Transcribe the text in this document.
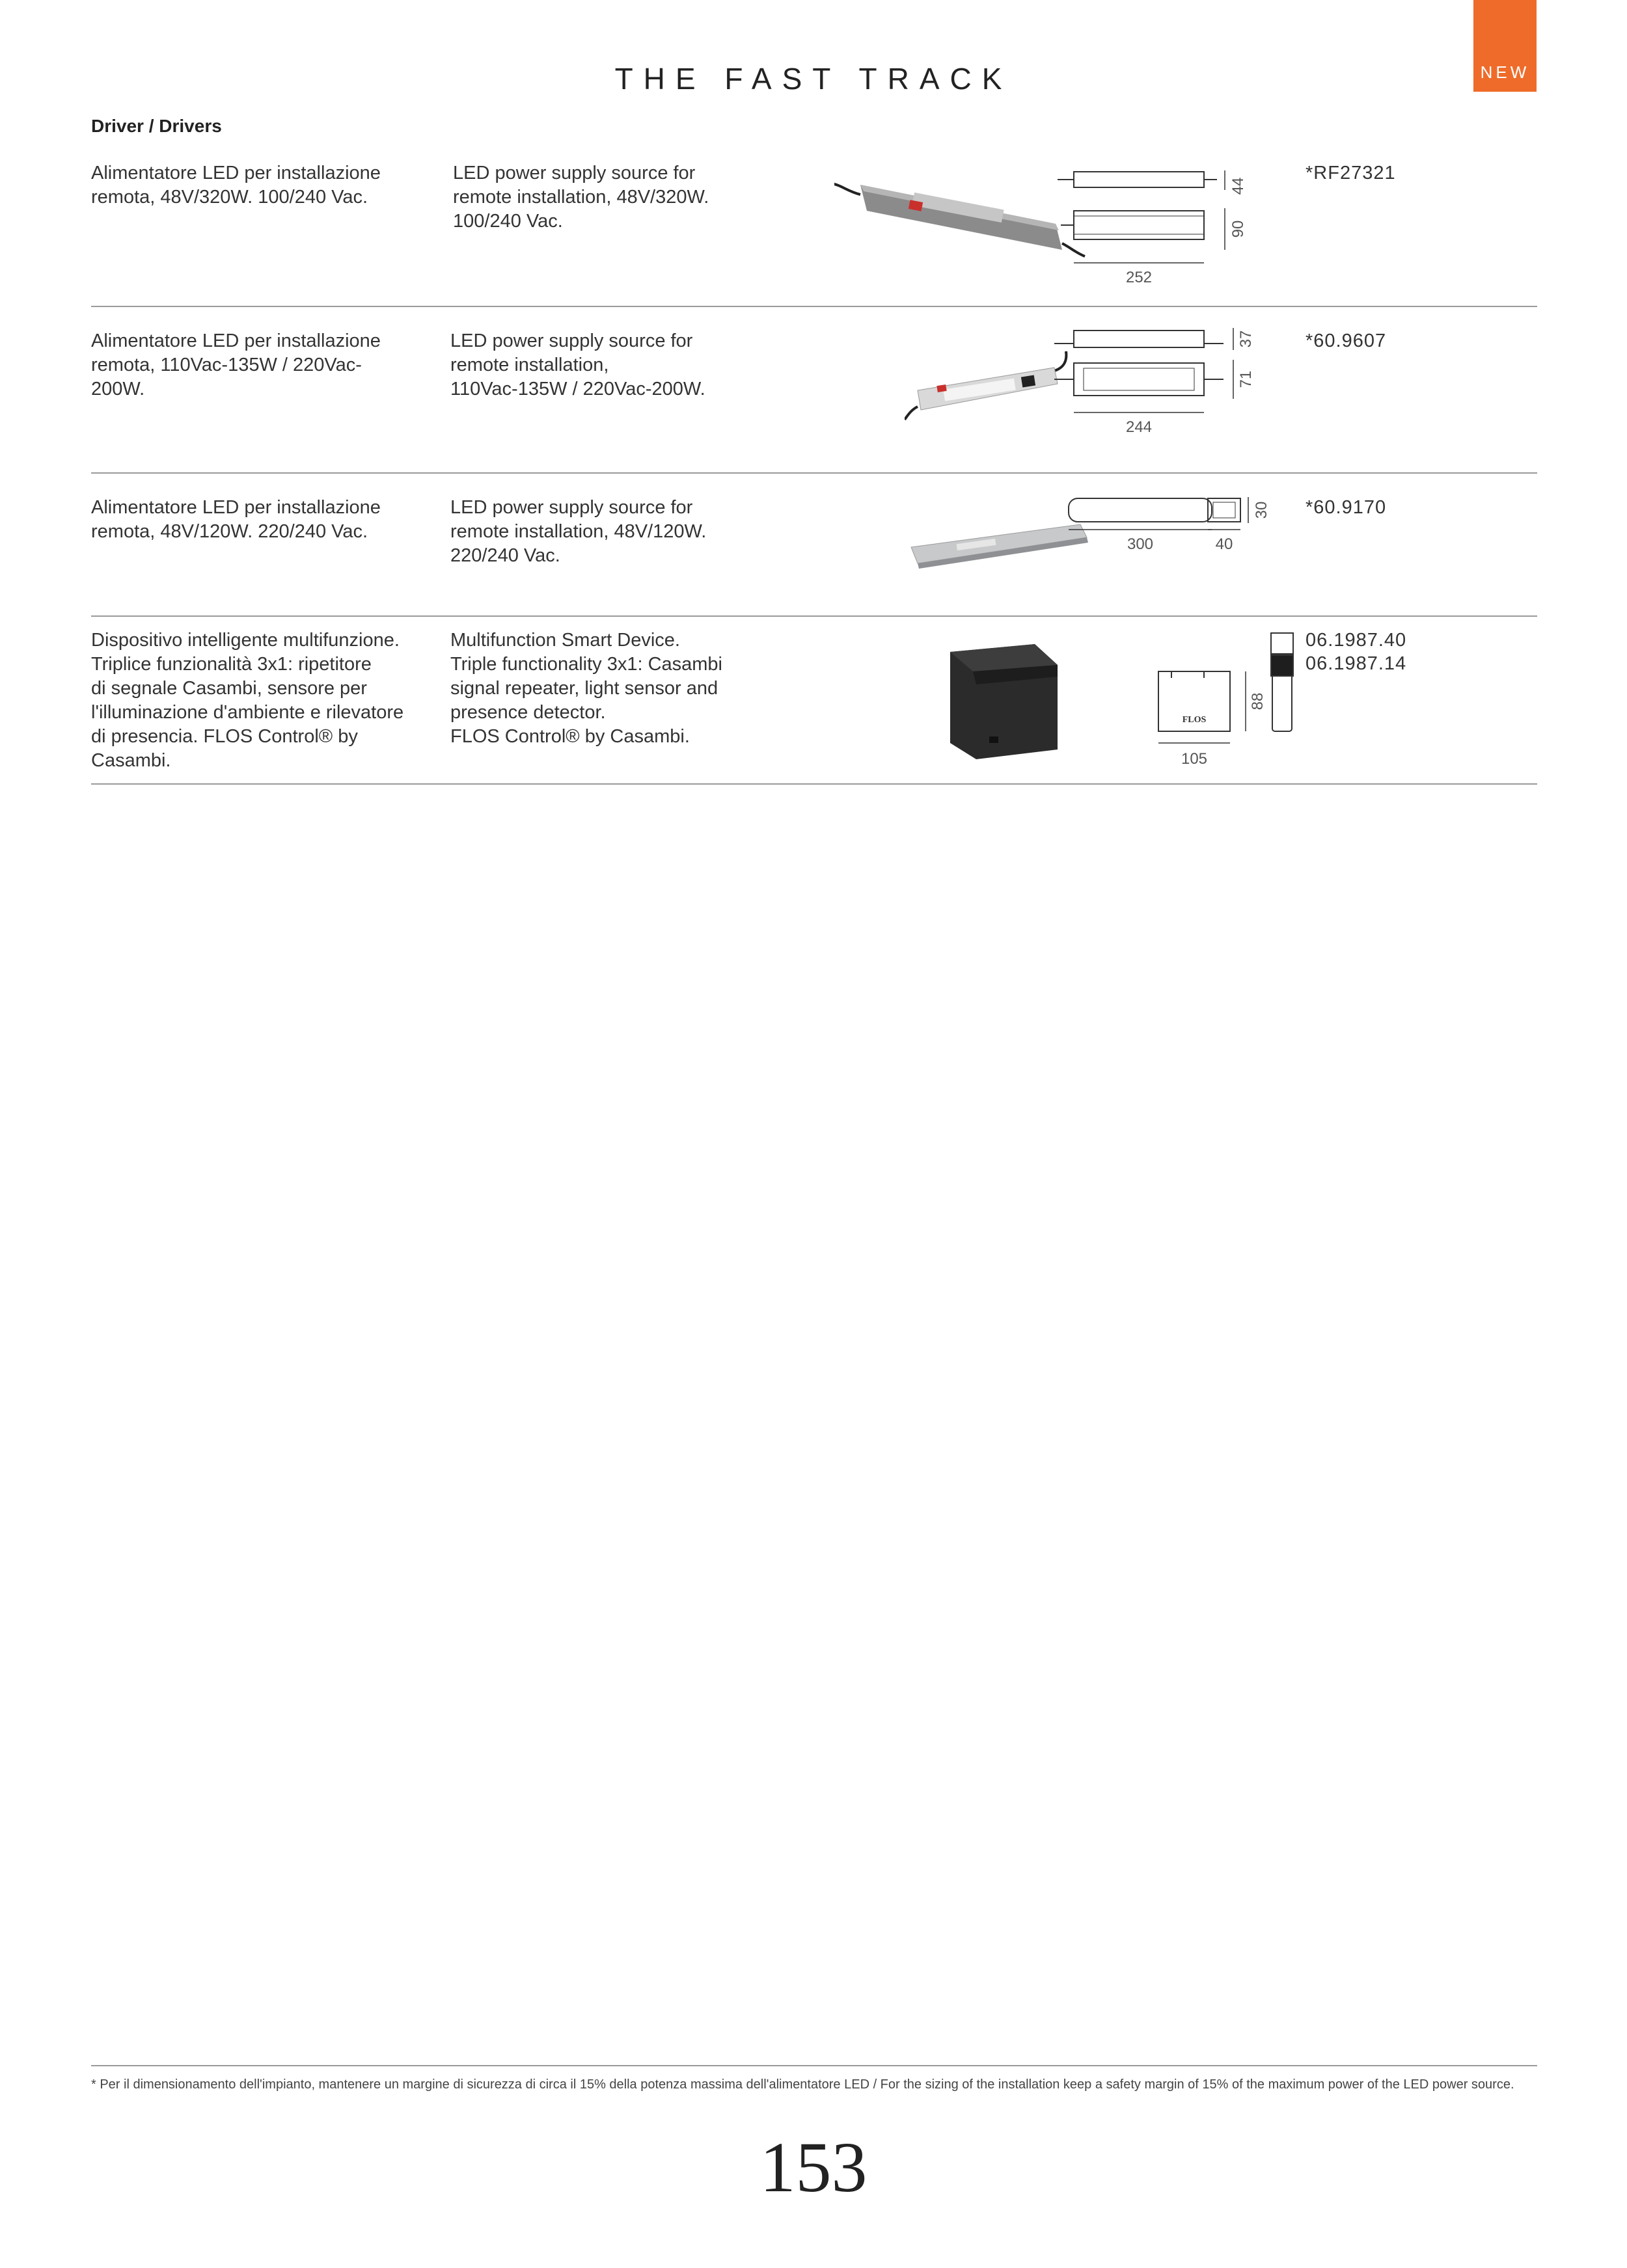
NEW
THE FAST TRACK
Driver / Drivers
Alimentatore LED per installazione
remota, 48V/320W. 100/240 Vac.
LED power supply source for
remote installation, 48V/320W.
100/240 Vac.
44
90
252
*RF27321
Alimentatore LED per installazione
remota, 110Vac-135W / 220Vac-
200W.
LED power supply source for
remote installation,
110Vac-135W / 220Vac-200W.
37
71
244
*60.9607
Alimentatore LED per installazione
remota, 48V/120W. 220/240 Vac.
LED power supply source for
remote installation, 48V/120W.
220/240 Vac.
300	40
30 *60.9170
Dispositivo intelligente multifunzione.
Triplice funzionalità 3x1: ripetitore
di segnale Casambi, sensore per
l'illuminazione d'ambiente e rilevatore
di presencia. FLOS Control® by
Casambi.
Multifunction Smart Device.
Triple functionality 3x1: Casambi
signal repeater, light sensor and
presence detector.
FLOS Control® by Casambi.
FLOS
105
88
06.1987.40
06.1987.14
* Per il dimensionamento dell'impianto, mantenere un margine di sicurezza di circa il 15% della potenza massima dell'alimentatore LED / For the sizing of the installation keep a safety margin of 15% of the maximum power of the LED power source.
153
